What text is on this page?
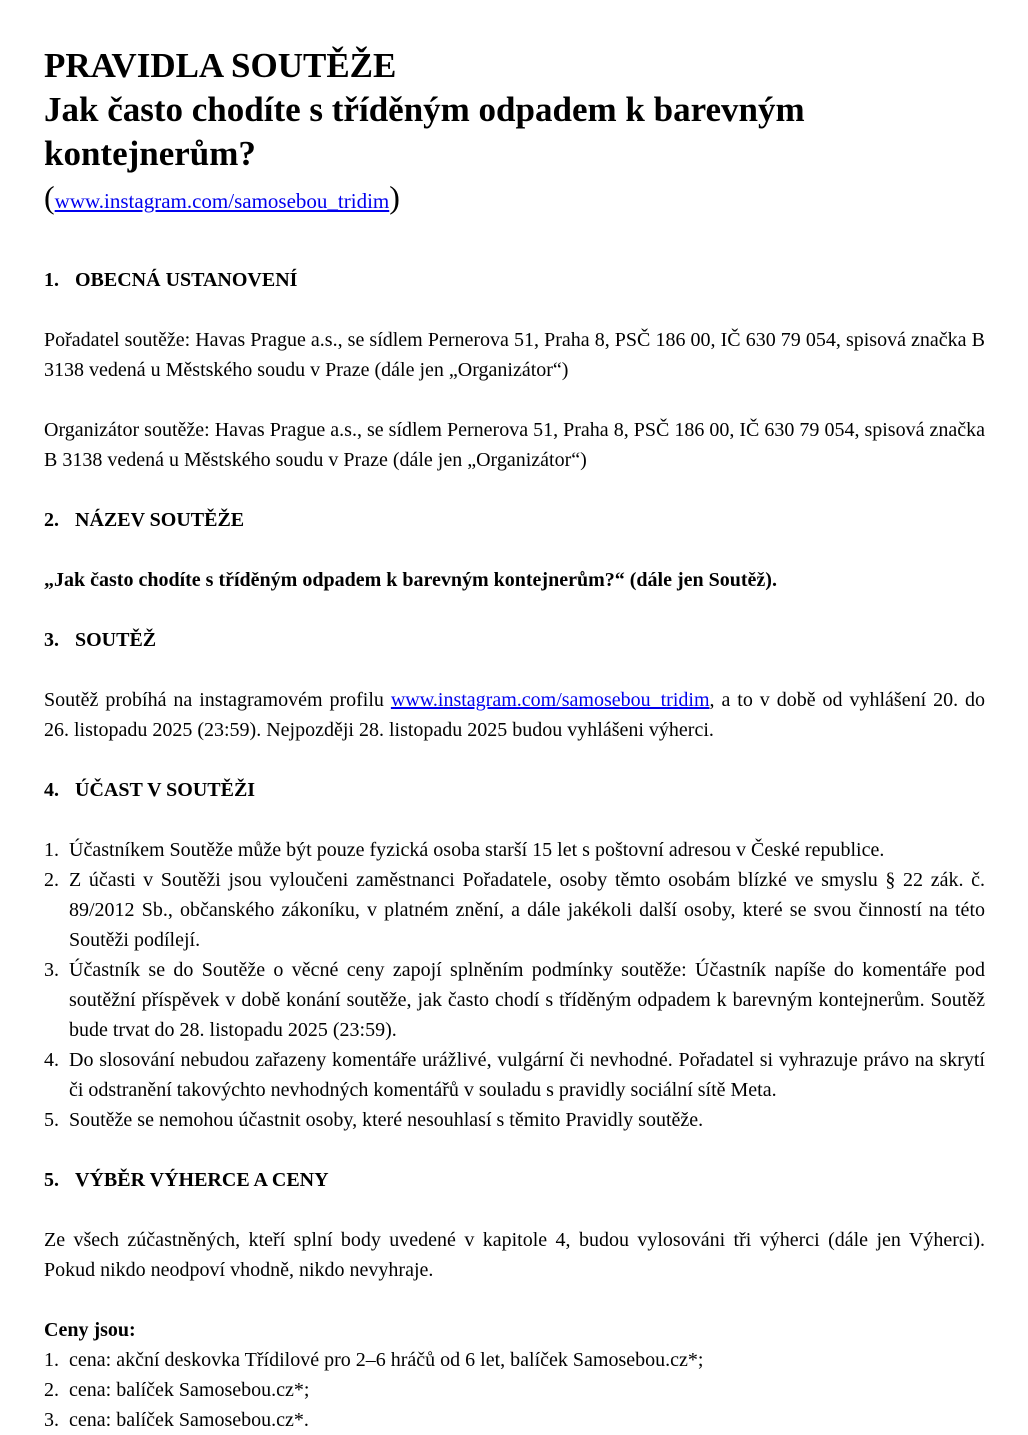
PRAVIDLA SOUTĚŽE
Jak často chodíte s tříděným odpadem k barevným kontejnerům?
(www.instagram.com/samosebou_tridim)
1. OBECNÁ USTANOVENÍ

Pořadatel soutěže: Havas Prague a.s., se sídlem Pernerova 51, Praha 8, PSČ 186 00, IČ 630 79 054, spisová značka B 3138 vedená u Městského soudu v Praze (dále jen „Organizátor“)

Organizátor soutěže: Havas Prague a.s., se sídlem Pernerova 51, Praha 8, PSČ 186 00, IČ 630 79 054, spisová značka B 3138 vedená u Městského soudu v Praze (dále jen „Organizátor“)

2. NÁZEV SOUTĚŽE

„Jak často chodíte s tříděným odpadem k barevným kontejnerům?“ (dále jen Soutěž).

3. SOUTĚŽ

Soutěž probíhá na instagramovém profilu www.instagram.com/samosebou_tridim, a to v době od vyhlášení 20. do 26. listopadu 2025 (23:59). Nejpozději 28. listopadu 2025 budou vyhlášeni výherci.

4. ÚČAST V SOUTĚŽI
1. Účastníkem Soutěže může být pouze fyzická osoba starší 15 let s poštovní adresou v České republice.
2. Z účasti v Soutěži jsou vyloučeni zaměstnanci Pořadatele, osoby těmto osobám blízké ve smyslu § 22 zák. č. 89/2012 Sb., občanského zákoníku, v platném znění, a dále jakékoli další osoby, které se svou činností na této Soutěži podílejí.
3. Účastník se do Soutěže o věcné ceny zapojí splněním podmínky soutěže: Účastník napíše do komentáře pod soutěžní příspěvek v době konání soutěže, jak často chodí s tříděným odpadem k barevným kontejnerům. Soutěž bude trvat do 28. listopadu 2025 (23:59).
4. Do slosování nebudou zařazeny komentáře urážlivé, vulgární či nevhodné. Pořadatel si vyhrazuje právo na skrytí či odstranění takovýchto nevhodných komentářů v souladu s pravidly sociální sítě Meta.
5. Soutěže se nemohou účastnit osoby, které nesouhlasí s těmito Pravidly soutěže.
5. VÝBĚR VÝHERCE A CENY

Ze všech zúčastněných, kteří splní body uvedené v kapitole 4, budou vylosováni tři výherci (dále jen Výherci). Pokud nikdo neodpoví vhodně, nikdo nevyhraje.

Ceny jsou:

1. cena: akční deskovka Třídilové pro 2–6 hráčů od 6 let, balíček Samosebou.cz*;
2. cena: balíček Samosebou.cz*;
3. cena: balíček Samosebou.cz*.
